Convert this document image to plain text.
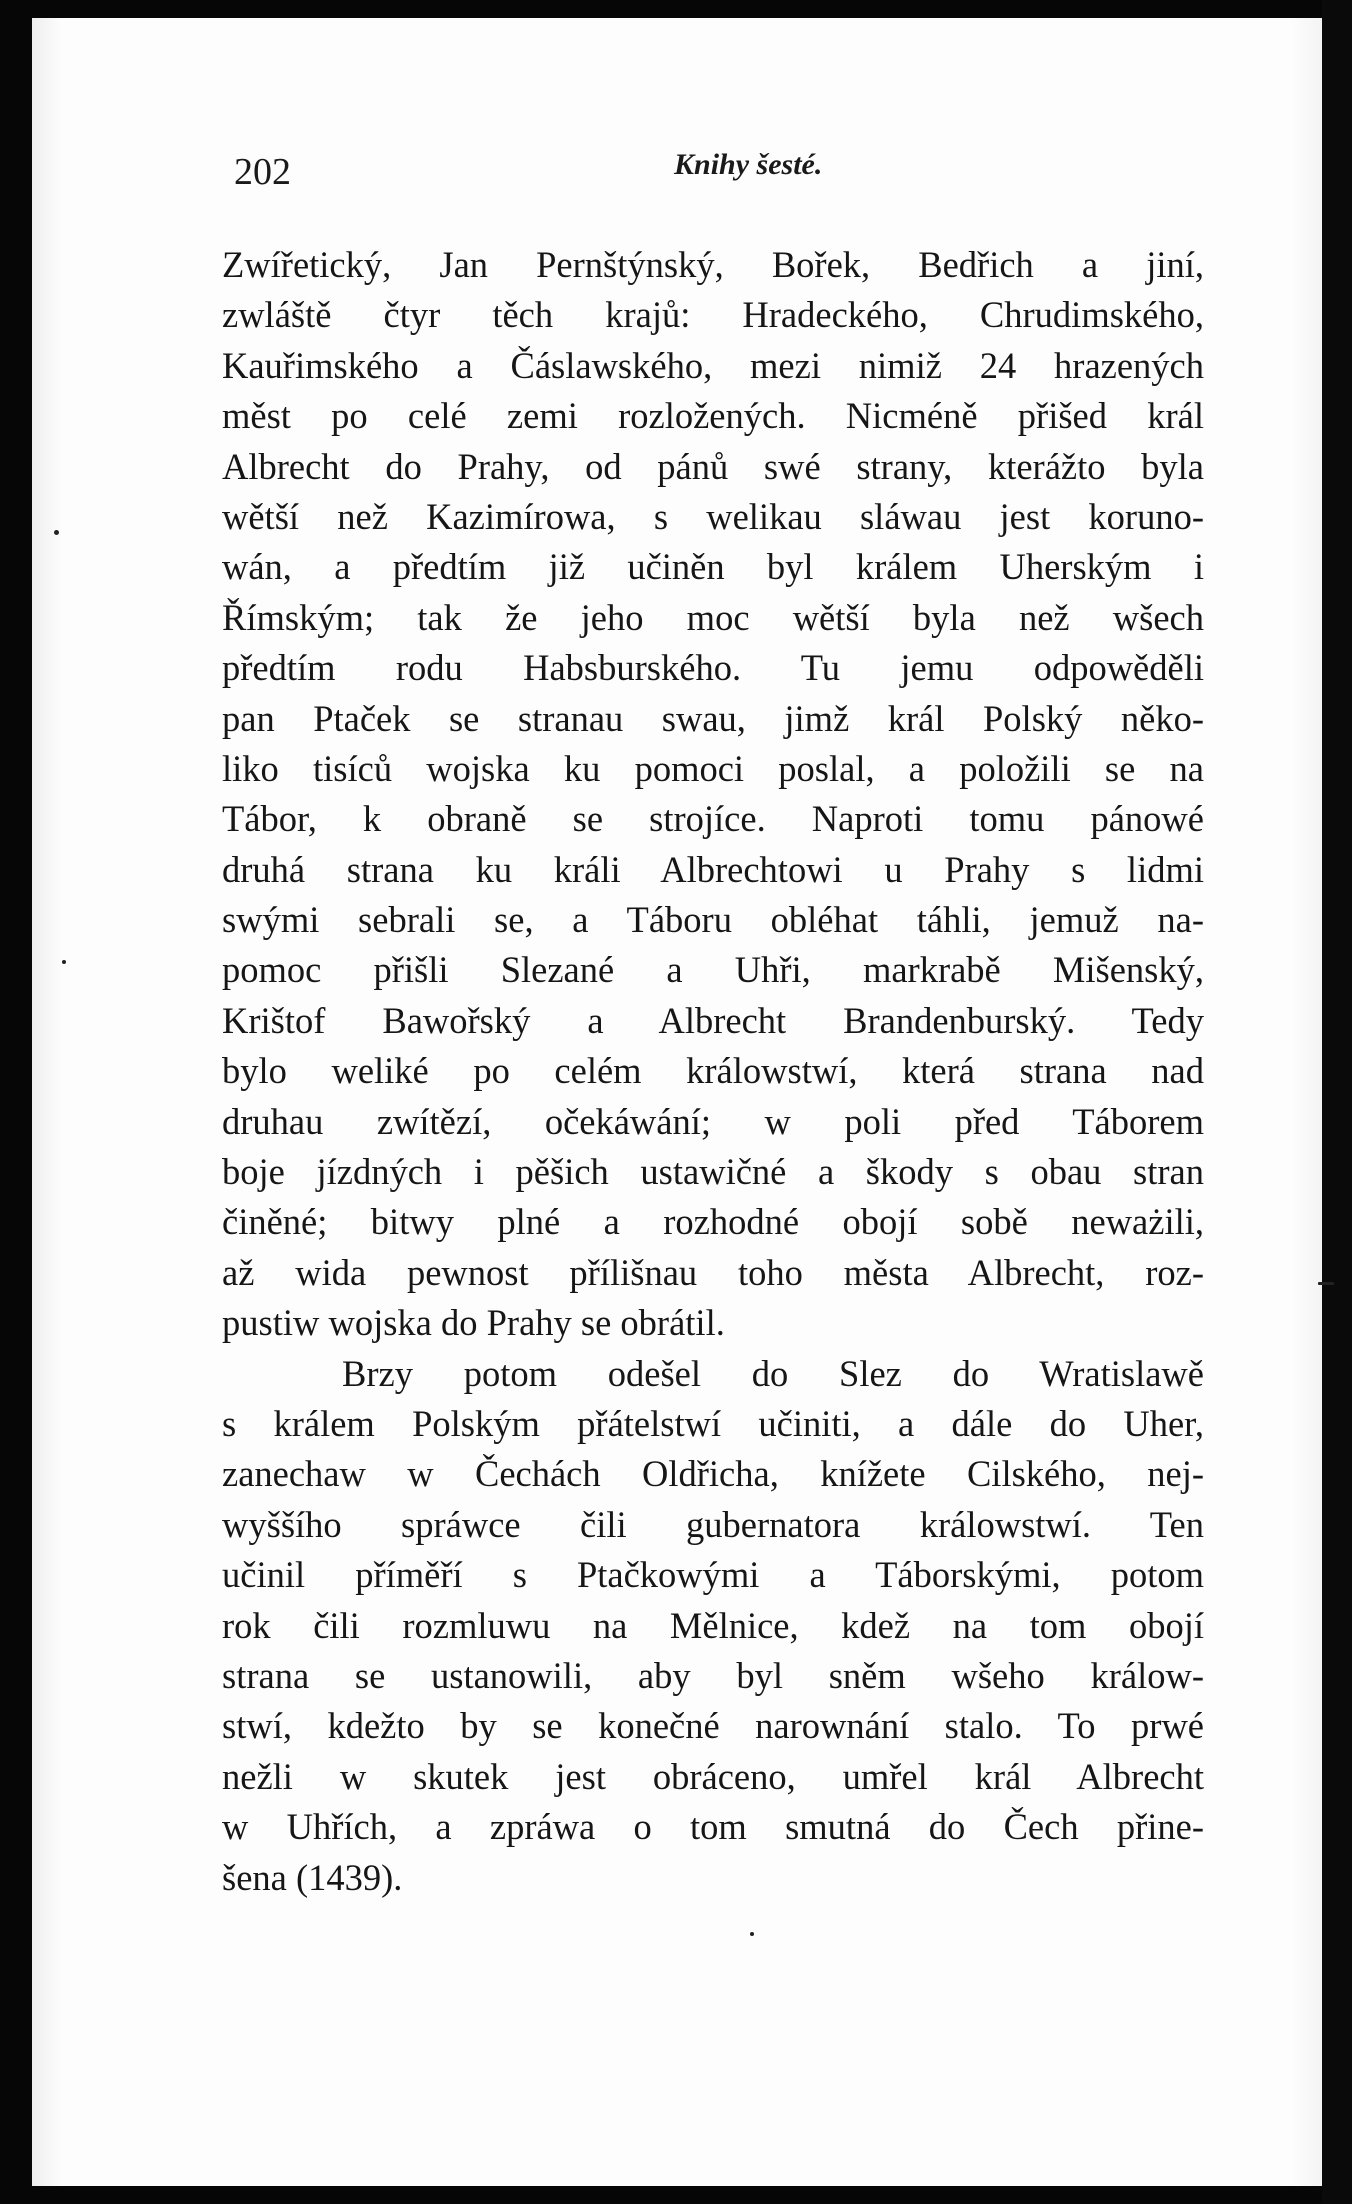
202	Knihy šesté.
Zwířetický, Jan Pernštýnský, Bořek, Bedřich a jiní,
zwláště čtyr těch krajů: Hradeckého, Chrudimského,
Kauřimského a Čáslawského, mezi nimiž 24 hrazených
měst po celé zemi rozložených. Nicméně přišed král
Albrecht do Prahy, od pánů swé strany, kterážto byla
wětší než Kazimírowa, s welikau sláwau jest koruno-
wán, a předtím již učiněn byl králem Uherským i
Římským; tak že jeho moc wětší byla než wšech
předtím rodu Habsburského. Tu jemu odpowěděli
pan Ptaček se stranau swau, jimž král Polský něko-
liko tisíců wojska ku pomoci poslal, a položili se na
Tábor, k obraně se strojíce. Naproti tomu pánowé
druhá strana ku králi Albrechtowi u Prahy s lidmi
swými sebrali se, a Táboru obléhat táhli, jemuž na-
pomoc přišli Slezané a Uhři, markrabě Mišenský,
Krištof Bawořský a Albrecht Brandenburský. Tedy
bylo weliké po celém králowstwí, která strana nad
druhau zwítězí, očekáwání; w poli před Táborem
boje jízdných i pěšich ustawičné a škody s obau stran
činěné; bitwy plné a rozhodné obojí sobě neważili,
až wida pewnost přílišnau toho města Albrecht, roz-
pustiw wojska do Prahy se obrátil.
Brzy potom odešel do Slez do Wratislawě
s králem Polským přátelstwí učiniti, a dále do Uher,
zanechaw w Čechách Oldřicha, knížete Cilského, nej-
wyššího spráwce čili gubernatora králowstwí. Ten
učinil příměří s Ptačkowými a Táborskými, potom
rok čili rozmluwu na Mělnice, kdež na tom obojí
strana se ustanowili, aby byl sněm wšeho králow-
stwí, kdežto by se konečné narownání stalo. To prwé
nežli w skutek jest obráceno, umřel král Albrecht
w Uhřích, a zpráwa o tom smutná do Čech přine-
šena (1439).
